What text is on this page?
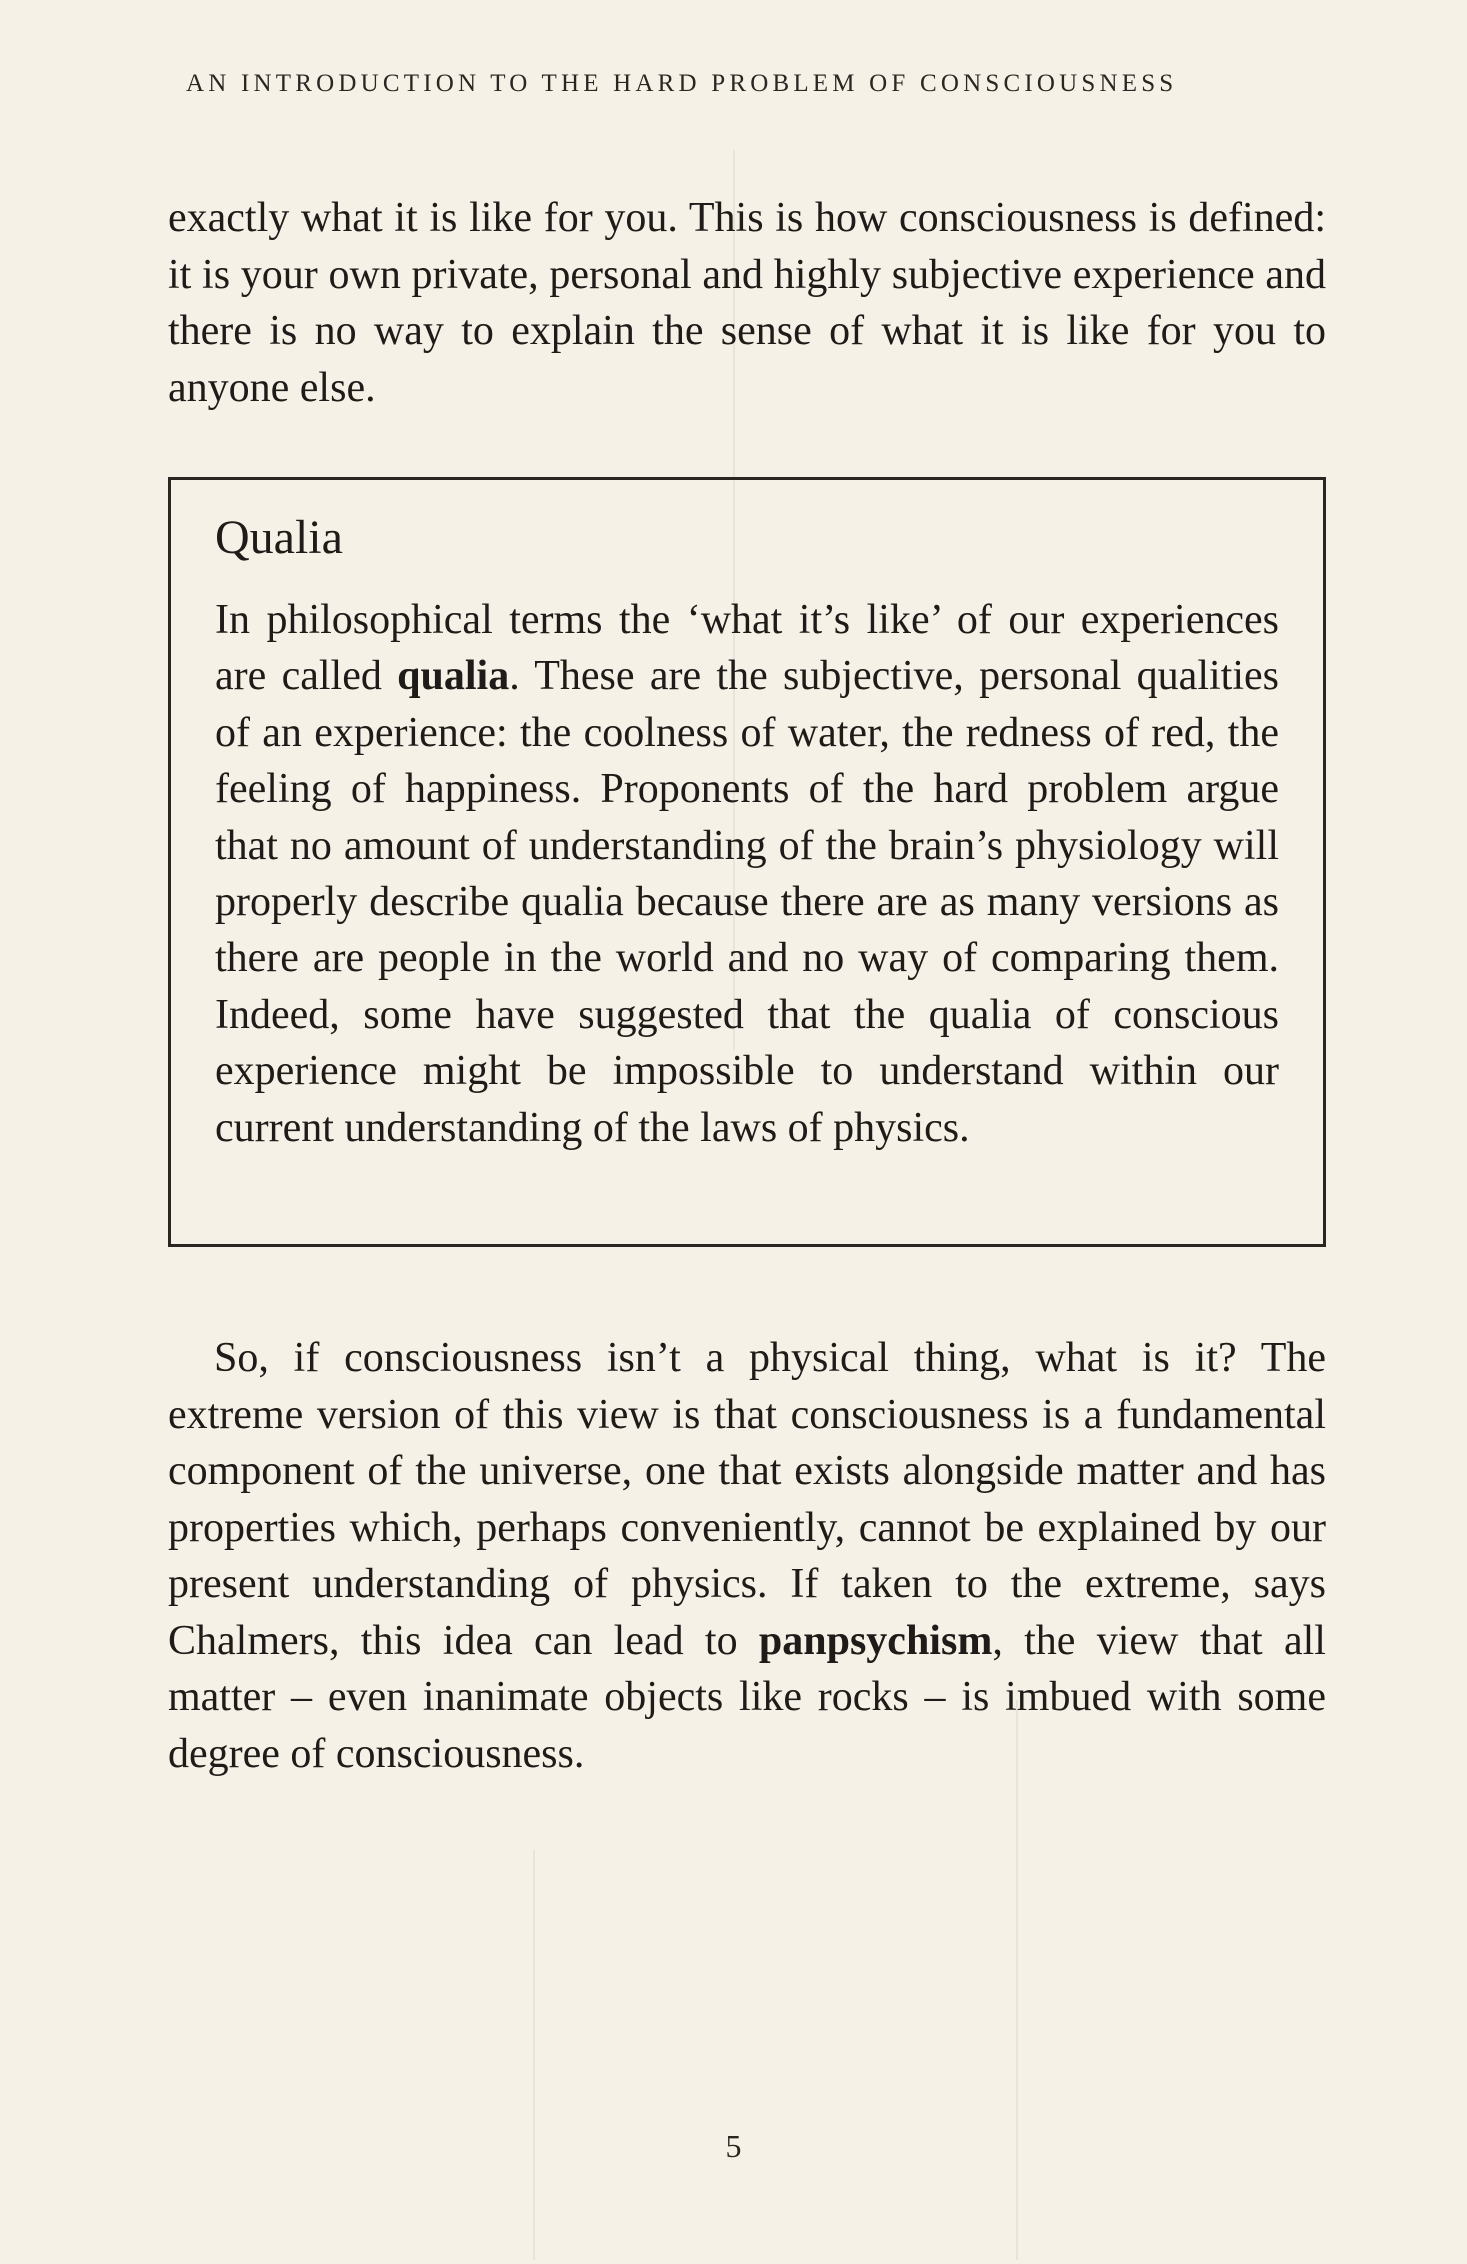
AN INTRODUCTION TO THE HARD PROBLEM OF CONSCIOUSNESS

exactly what it is like for you. This is how consciousness is defined: it is your own private, personal and highly subjective experience and there is no way to explain the sense of what it is like for you to anyone else.

Qualia

In philosophical terms the ‘what it’s like’ of our experiences are called qualia. These are the subjective, personal qualities of an experience: the coolness of water, the redness of red, the feeling of happiness. Proponents of the hard problem argue that no amount of understanding of the brain’s physiology will properly describe qualia because there are as many versions as there are people in the world and no way of comparing them. Indeed, some have suggested that the qualia of conscious experience might be impossible to understand within our current understanding of the laws of physics.

So, if consciousness isn’t a physical thing, what is it? The extreme version of this view is that consciousness is a fundamental component of the universe, one that exists alongside matter and has properties which, perhaps conveniently, cannot be explained by our present understanding of physics. If taken to the extreme, says Chalmers, this idea can lead to panpsychism, the view that all matter – even inanimate objects like rocks – is imbued with some degree of consciousness.

5
